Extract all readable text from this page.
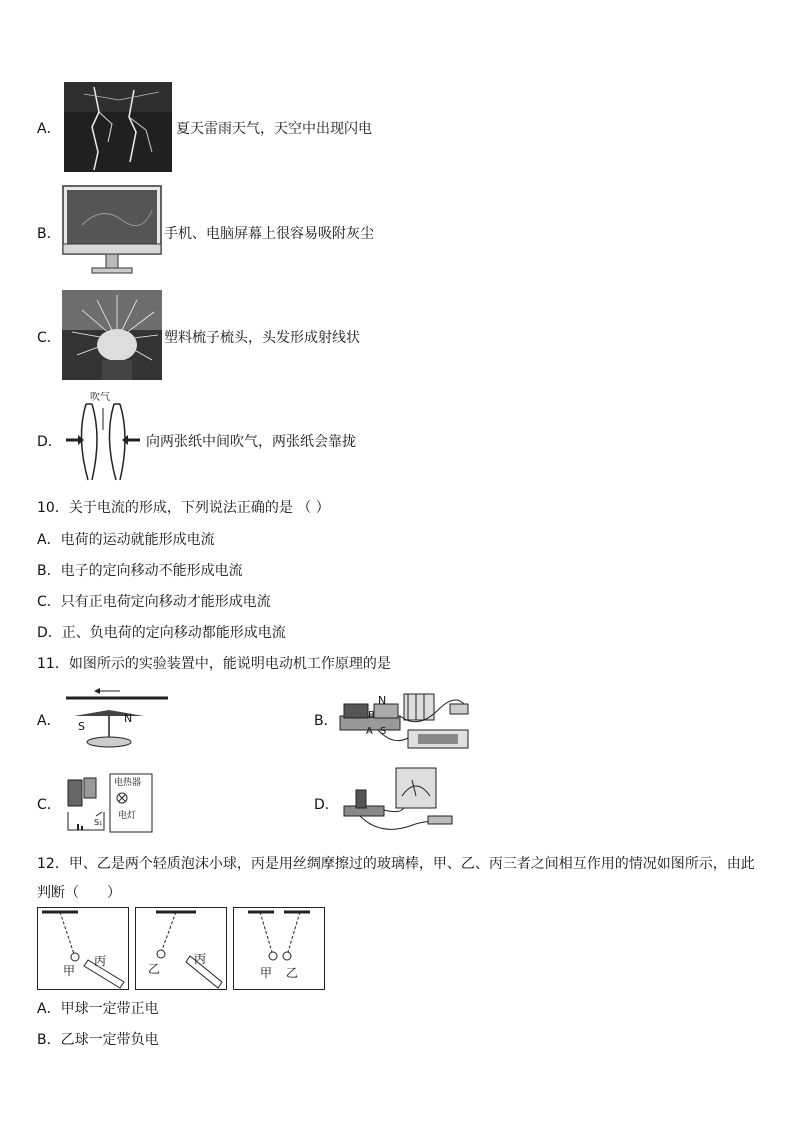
A．	夏天雷雨天气，天空中出现闪电
B．	手机、电脑屏幕上很容易吸附灰尘
C．	塑料梳子梳头，头发形成射线状
D．
吹气
向两张纸中间吹气，两张纸会靠拢
10．关于电流的形成，下列说法正确的是 （ ）
A．电荷的运动就能形成电流
B．电子的定向移动不能形成电流
C．只有正电荷定向移动才能形成电流
D．正、负电荷的定向移动都能形成电流
11．如图所示的实验装置中，能说明电动机工作原理的是
A． S
N	B．
N
S
B
A
C．
电热器
电灯
S₁
D．
12．甲、乙是两个轻质泡沫小球，丙是用丝绸摩擦过的玻璃棒，甲、乙、丙三者之间相互作用的情况如图所示，由此
判断（　　）
甲
丙
乙
丙
甲 乙
A．甲球一定带正电
B．乙球一定带负电
